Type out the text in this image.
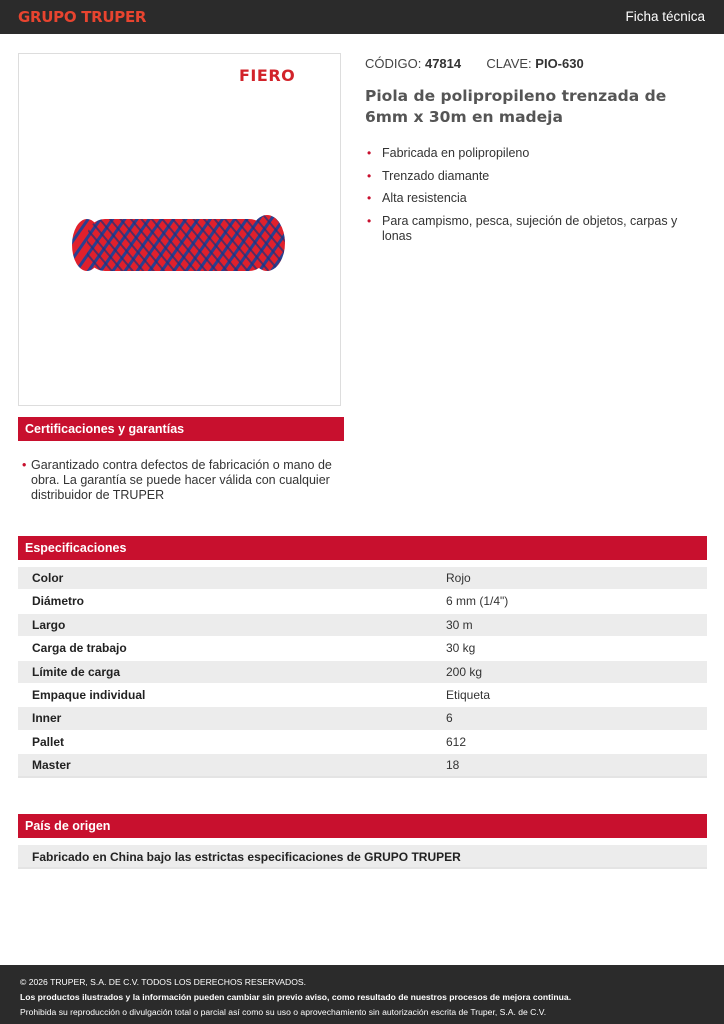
GRUPO TRUPER	Ficha técnica
FIERO
CÓDIGO: 47814 CLAVE: PIO-630
Piola de polipropileno trenzada de 6mm x 30m en madeja
• Fabricada en polipropileno
• Trenzado diamante
• Alta resistencia
• Para campismo, pesca, sujeción de objetos, carpas y lonas
Certificaciones y garantías
• Garantizado contra defectos de fabricación o mano de obra. La garantía se puede hacer válida con cualquier distribuidor de TRUPER
Especificaciones
Color	Rojo
Diámetro	6 mm (1/4")
Largo	30 m
Carga de trabajo	30 kg
Límite de carga	200 kg
Empaque individual	Etiqueta
Inner	6
Pallet	612
Master	18
País de origen
Fabricado en China bajo las estrictas especificaciones de GRUPO TRUPER
© 2026 TRUPER, S.A. DE C.V. TODOS LOS DERECHOS RESERVADOS.
Los productos ilustrados y la información pueden cambiar sin previo aviso, como resultado de nuestros procesos de mejora continua.
Prohibida su reproducción o divulgación total o parcial así como su uso o aprovechamiento sin autorización escrita de Truper, S.A. de C.V.
